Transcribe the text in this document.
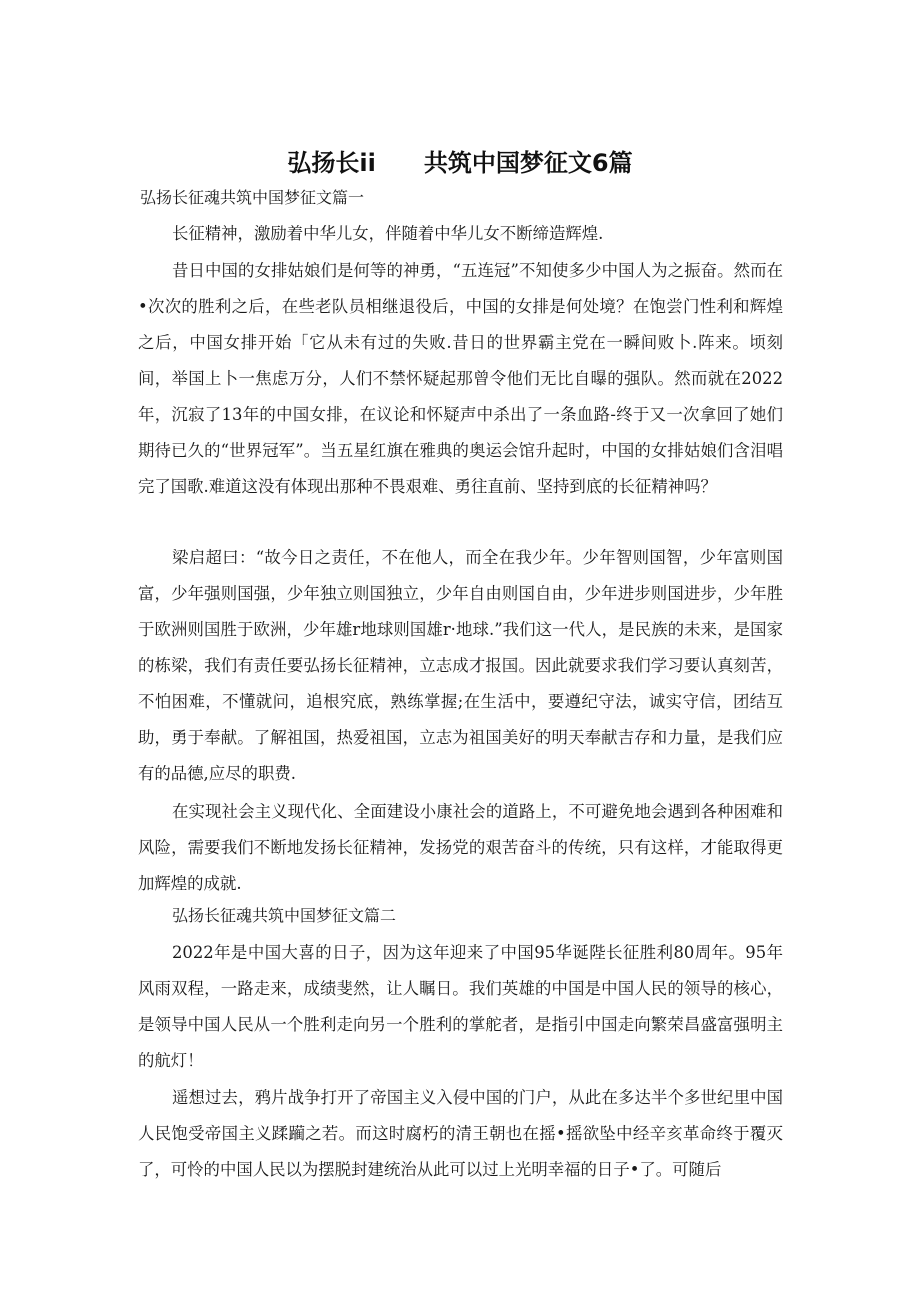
弘扬长ii　　共筑中国梦征文6篇
弘扬长征魂共筑中国梦征文篇一
长征精神，激励着中华儿女，伴随着中华儿女不断缔造辉煌.
昔日中国的女排姑娘们是何等的神勇，“五连冠”不知使多少中国人为之振奋。然而在•次次的胜利之后，在些老队员相继退役后，中国的女排是何处境？在饱尝门性利和辉煌之后，中国女排开始「它从未有过的失败.昔日的世界霸主党在一瞬间败卜.阵来。顷刻间，举国上卜一焦虑万分，人们不禁怀疑起那曾令他们无比自曝的强队。然而就在2022年，沉寂了13年的中国女排，在议论和怀疑声中杀出了一条血路-终于又一次拿回了她们期待已久的“世界冠军”。当五星红旗在雅典的奥运会馆升起时，中国的女排姑娘们含泪唱完了国歌.难道这没有体现出那种不畏艰难、勇往直前、坚持到底的长征精神吗？
梁启超曰：“故今日之责任，不在他人，而全在我少年。少年智则国智，少年富则国富，少年强则国强，少年独立则国独立，少年自由则国自由，少年进步则国进步，少年胜于欧洲则国胜于欧洲，少年雄r地球则国雄r·地球.”我们这一代人，是民族的未来，是国家的栋梁，我们有责任要弘扬长征精神，立志成才报国。因此就要求我们学习要认真刻苦，不怕困难，不懂就问，追根究底，熟练掌握;在生活中，要遵纪守法，诚实守信，团结互助，勇于奉献。了解祖国，热爱祖国，立志为祖国美好的明天奉献吉存和力量，是我们应有的品德,应尽的职费.
在实现社会主义现代化、全面建设小康社会的道路上，不可避免地会遇到各种困难和风险，需要我们不断地发扬长征精神，发扬党的艰苦奋斗的传统，只有这样，才能取得更加辉煌的成就.
弘扬长征魂共筑中国梦征文篇二
2022年是中国大喜的日子，因为这年迎来了中国95华诞陛长征胜利80周年。95年风雨双程，一路走来，成绩斐然，让人瞩日。我们英雄的中国是中国人民的领导的核心，是领导中国人民从一个胜利走向另一个胜利的掌舵者，是指引中国走向繁荣昌盛富强明主的航灯！
遥想过去，鸦片战争打开了帝国主义入侵中国的门户，从此在多达半个多世纪里中国人民饱受帝国主义蹂躏之若。而这时腐朽的清王朝也在摇•摇欲坠中经辛亥革命终于覆灭了，可怜的中国人民以为摆脱封建统治从此可以过上光明幸福的日子•了。可随后
